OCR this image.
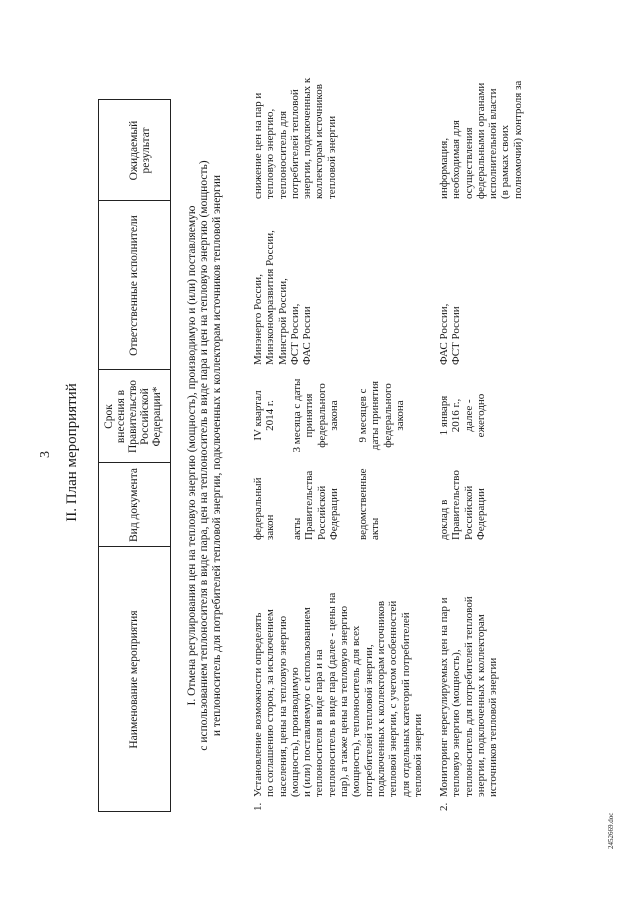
3 II. План мероприятий
Наименование мероприятия
Вид документа
Срок
внесения в
Правительство
Российской
Федерации*
Ответственные исполнители
Ожидаемый результат
I. Отмена регулирования цен на тепловую энергию (мощность), производимую и (или) поставляемую
с использованием теплоносителя в виде пара, цен на теплоноситель в виде пара и цен на тепловую энергию (мощность)
и теплоноситель для потребителей тепловой энергии, подключенных к коллекторам источников тепловой энергии
1.
Установление возможности определять
по соглашению сторон, за исключением
населения, цены на тепловую энергию
(мощность), производимую
и (или) поставляемую с использованием
теплоносителя в виде пара и на
теплоноситель в виде пара (далее - цены на
пар), а также цены на тепловую энергию
(мощность), теплоноситель для всех
потребителей тепловой энергии,
подключенных к коллекторам источников
тепловой энергии, с учетом особенностей
для отдельных категорий потребителей
тепловой энергии
федеральный
закон акты
Правительства
Российской
Федерации ведомственные
акты
IV квартал
2014 г.
3 месяца с даты
принятия
федерального
закона
9 месяцев с
даты принятия
федерального
закона
Минэнерго России,
Минэкономразвития России,
Минстрой России,
ФСТ России,
ФАС России
снижение цен на пар и
тепловую энергию,
теплоноситель для
потребителей тепловой
энергии, подключенных к
коллекторам источников
тепловой энергии
2.
Мониторинг нерегулируемых цен на пар и
тепловую энергию (мощность),
теплоноситель для потребителей тепловой
энергии, подключенных к коллекторам
источников тепловой энергии
доклад в
Правительство
Российской
Федерации
1 января
2016 г.,
далее -
ежегодно
ФАС России,
ФСТ России
информация,
необходимая для
осуществления
федеральными органами
исполнительной власти
(в рамках своих
полномочий) контроля за
2452669.doc
